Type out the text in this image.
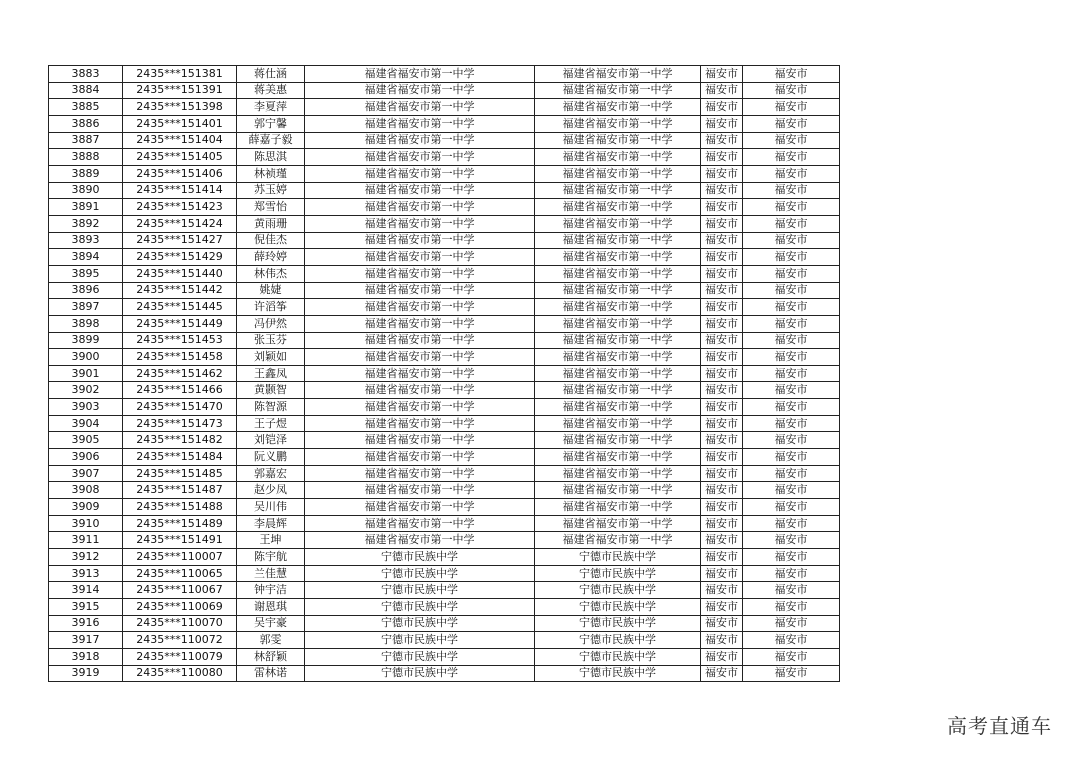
3883	2435***151381	蒋仕涵	福建省福安市第一中学	福建省福安市第一中学	福安市	福安市
3884	2435***151391	蒋美惠	福建省福安市第一中学	福建省福安市第一中学	福安市	福安市
3885	2435***151398	李夏萍	福建省福安市第一中学	福建省福安市第一中学	福安市	福安市
3886	2435***151401	郭宁馨	福建省福安市第一中学	福建省福安市第一中学	福安市	福安市
3887	2435***151404	薛嘉子毅	福建省福安市第一中学	福建省福安市第一中学	福安市	福安市
3888	2435***151405	陈思淇	福建省福安市第一中学	福建省福安市第一中学	福安市	福安市
3889	2435***151406	林祯瑾	福建省福安市第一中学	福建省福安市第一中学	福安市	福安市
3890	2435***151414	苏玉婷	福建省福安市第一中学	福建省福安市第一中学	福安市	福安市
3891	2435***151423	郑雪怡	福建省福安市第一中学	福建省福安市第一中学	福安市	福安市
3892	2435***151424	黄雨珊	福建省福安市第一中学	福建省福安市第一中学	福安市	福安市
3893	2435***151427	倪佳杰	福建省福安市第一中学	福建省福安市第一中学	福安市	福安市
3894	2435***151429	薛玲婷	福建省福安市第一中学	福建省福安市第一中学	福安市	福安市
3895	2435***151440	林伟杰	福建省福安市第一中学	福建省福安市第一中学	福安市	福安市
3896	2435***151442	姚婕	福建省福安市第一中学	福建省福安市第一中学	福安市	福安市
3897	2435***151445	许滔筝	福建省福安市第一中学	福建省福安市第一中学	福安市	福安市
3898	2435***151449	冯伊然	福建省福安市第一中学	福建省福安市第一中学	福安市	福安市
3899	2435***151453	张玉芬	福建省福安市第一中学	福建省福安市第一中学	福安市	福安市
3900	2435***151458	刘颖如	福建省福安市第一中学	福建省福安市第一中学	福安市	福安市
3901	2435***151462	王鑫凤	福建省福安市第一中学	福建省福安市第一中学	福安市	福安市
3902	2435***151466	黄颢智	福建省福安市第一中学	福建省福安市第一中学	福安市	福安市
3903	2435***151470	陈智源	福建省福安市第一中学	福建省福安市第一中学	福安市	福安市
3904	2435***151473	王子煜	福建省福安市第一中学	福建省福安市第一中学	福安市	福安市
3905	2435***151482	刘铠泽	福建省福安市第一中学	福建省福安市第一中学	福安市	福安市
3906	2435***151484	阮义鹏	福建省福安市第一中学	福建省福安市第一中学	福安市	福安市
3907	2435***151485	郭嘉宏	福建省福安市第一中学	福建省福安市第一中学	福安市	福安市
3908	2435***151487	赵少凤	福建省福安市第一中学	福建省福安市第一中学	福安市	福安市
3909	2435***151488	吴川伟	福建省福安市第一中学	福建省福安市第一中学	福安市	福安市
3910	2435***151489	李晨辉	福建省福安市第一中学	福建省福安市第一中学	福安市	福安市
3911	2435***151491	王坤	福建省福安市第一中学	福建省福安市第一中学	福安市	福安市
3912	2435***110007	陈宇航	宁德市民族中学	宁德市民族中学	福安市	福安市
3913	2435***110065	兰佳慧	宁德市民族中学	宁德市民族中学	福安市	福安市
3914	2435***110067	钟宇洁	宁德市民族中学	宁德市民族中学	福安市	福安市
3915	2435***110069	谢恩琪	宁德市民族中学	宁德市民族中学	福安市	福安市
3916	2435***110070	吴宇豪	宁德市民族中学	宁德市民族中学	福安市	福安市
3917	2435***110072	郭雯	宁德市民族中学	宁德市民族中学	福安市	福安市
3918	2435***110079	林舒颖	宁德市民族中学	宁德市民族中学	福安市	福安市
3919	2435***110080	雷林诺	宁德市民族中学	宁德市民族中学	福安市	福安市
高考直通车
